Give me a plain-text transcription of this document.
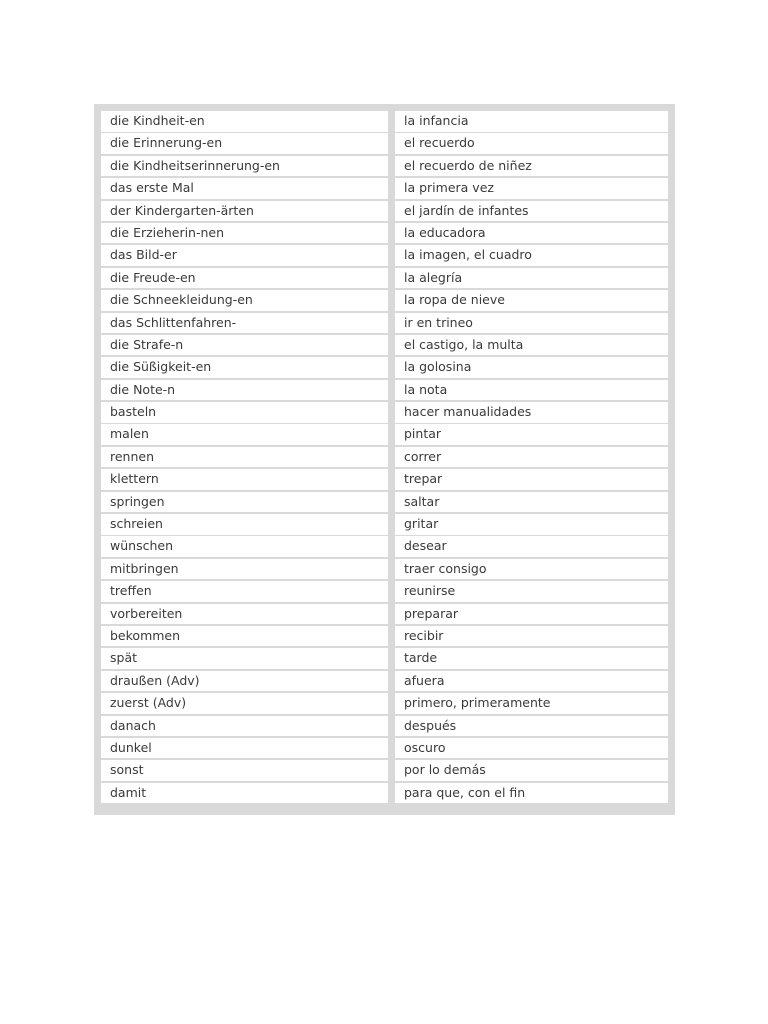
die Kindheit-en	la infancia
die Erinnerung-en	el recuerdo
die Kindheitserinnerung-en	el recuerdo de niñez
das erste Mal	la primera vez
der Kindergarten-ärten	el jardín de infantes
die Erzieherin-nen	la educadora
das Bild-er	la imagen, el cuadro
die Freude-en	la alegría
die Schneekleidung-en	la ropa de nieve
das Schlittenfahren-	ir en trineo
die Strafe-n	el castigo, la multa
die Süßigkeit-en	la golosina
die Note-n	la nota
basteln	hacer manualidades
malen	pintar
rennen	correr
klettern	trepar
springen	saltar
schreien	gritar
wünschen	desear
mitbringen	traer consigo
treffen	reunirse
vorbereiten	preparar
bekommen	recibir
spät	tarde
draußen (Adv)	afuera
zuerst (Adv)	primero, primeramente
danach	después
dunkel	oscuro
sonst	por lo demás
damit	para que, con el fin
